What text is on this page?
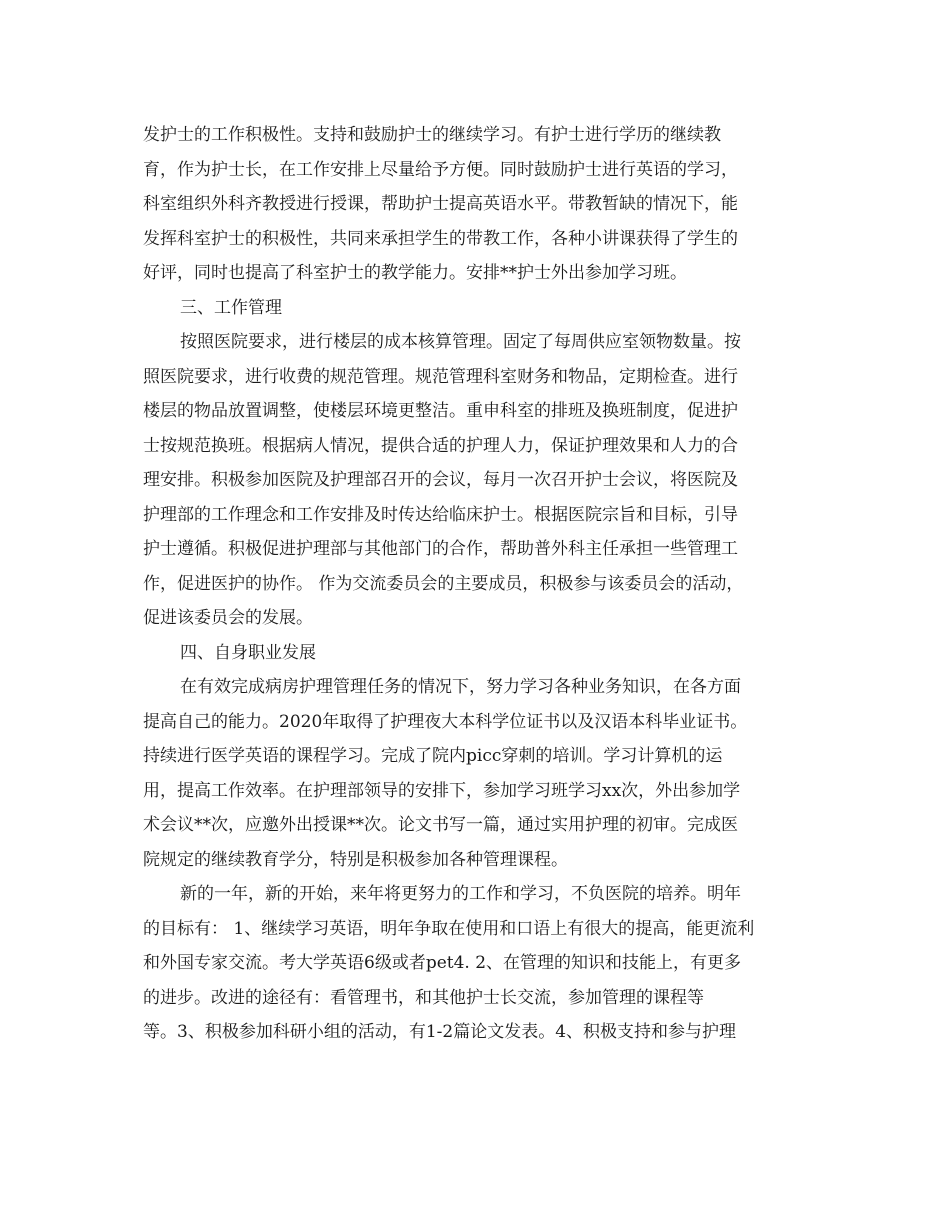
发护士的工作积极性。支持和鼓励护士的继续学习。有护士进行学历的继续教
育，作为护士长，在工作安排上尽量给予方便。同时鼓励护士进行英语的学习，
科室组织外科齐教授进行授课，帮助护士提高英语水平。带教暂缺的情况下，能
发挥科室护士的积极性，共同来承担学生的带教工作，各种小讲课获得了学生的
好评，同时也提高了科室护士的教学能力。安排**护士外出参加学习班。
三、工作管理
按照医院要求，进行楼层的成本核算管理。固定了每周供应室领物数量。按
照医院要求，进行收费的规范管理。规范管理科室财务和物品，定期检查。进行
楼层的物品放置调整，使楼层环境更整洁。重申科室的排班及换班制度，促进护
士按规范换班。根据病人情况，提供合适的护理人力，保证护理效果和人力的合
理安排。积极参加医院及护理部召开的会议，每月一次召开护士会议，将医院及
护理部的工作理念和工作安排及时传达给临床护士。根据医院宗旨和目标，引导
护士遵循。积极促进护理部与其他部门的合作，帮助普外科主任承担一些管理工
作，促进医护的协作。 作为交流委员会的主要成员，积极参与该委员会的活动，
促进该委员会的发展。
四、自身职业发展
在有效完成病房护理管理任务的情况下，努力学习各种业务知识，在各方面
提高自己的能力。2020年取得了护理夜大本科学位证书以及汉语本科毕业证书。
持续进行医学英语的课程学习。完成了院内picc穿刺的培训。学习计算机的运
用，提高工作效率。在护理部领导的安排下，参加学习班学习xx次，外出参加学
术会议**次，应邀外出授课**次。论文书写一篇，通过实用护理的初审。完成医
院规定的继续教育学分，特别是积极参加各种管理课程。
新的一年，新的开始，来年将更努力的工作和学习，不负医院的培养。明年
的目标有： 1、继续学习英语，明年争取在使用和口语上有很大的提高，能更流利
和外国专家交流。考大学英语6级或者pet4. 2、在管理的知识和技能上，有更多
的进步。改进的途径有：看管理书，和其他护士长交流，参加管理的课程等
等。3、积极参加科研小组的活动，有1-2篇论文发表。4、积极支持和参与护理
